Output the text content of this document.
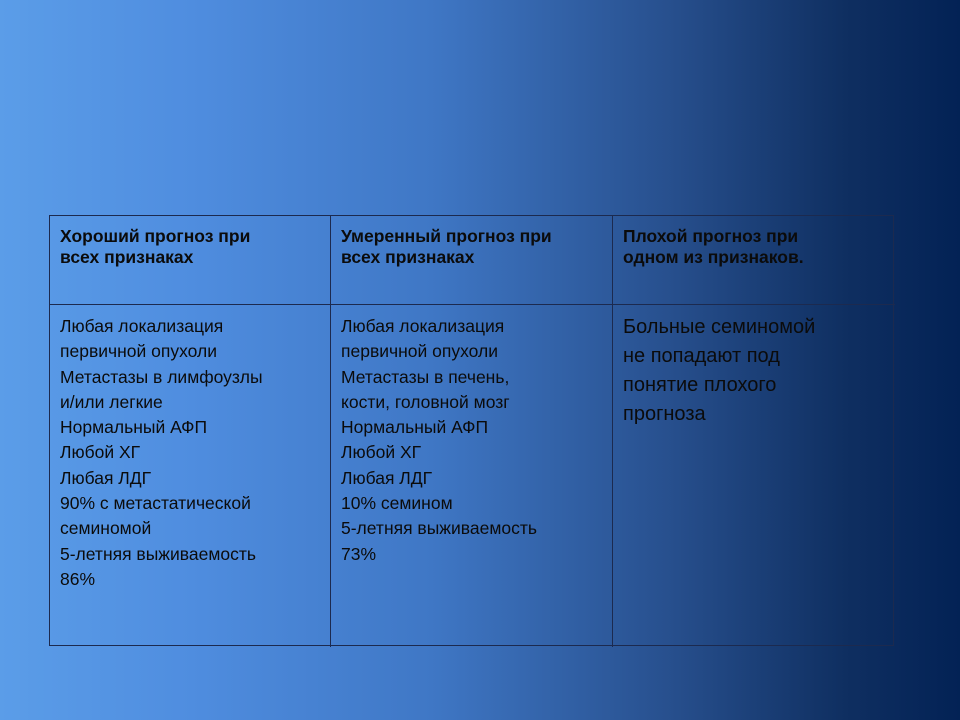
Хороший прогноз при
всех признаках
Умеренный прогноз при
всех признаках
Плохой прогноз при
одном из признаков.
Любая локализация
первичной опухоли
Метастазы в лимфоузлы
и/или легкие
Нормальный АФП
Любой ХГ
Любая ЛДГ
90% с метастатической
семиномой
5-летняя выживаемость
86%
Любая локализация
первичной опухоли
Метастазы в печень,
кости, головной мозг
Нормальный АФП
Любой ХГ
Любая ЛДГ
10% семином
5-летняя выживаемость
73%
Больные семиномой
не попадают под
понятие плохого
прогноза
